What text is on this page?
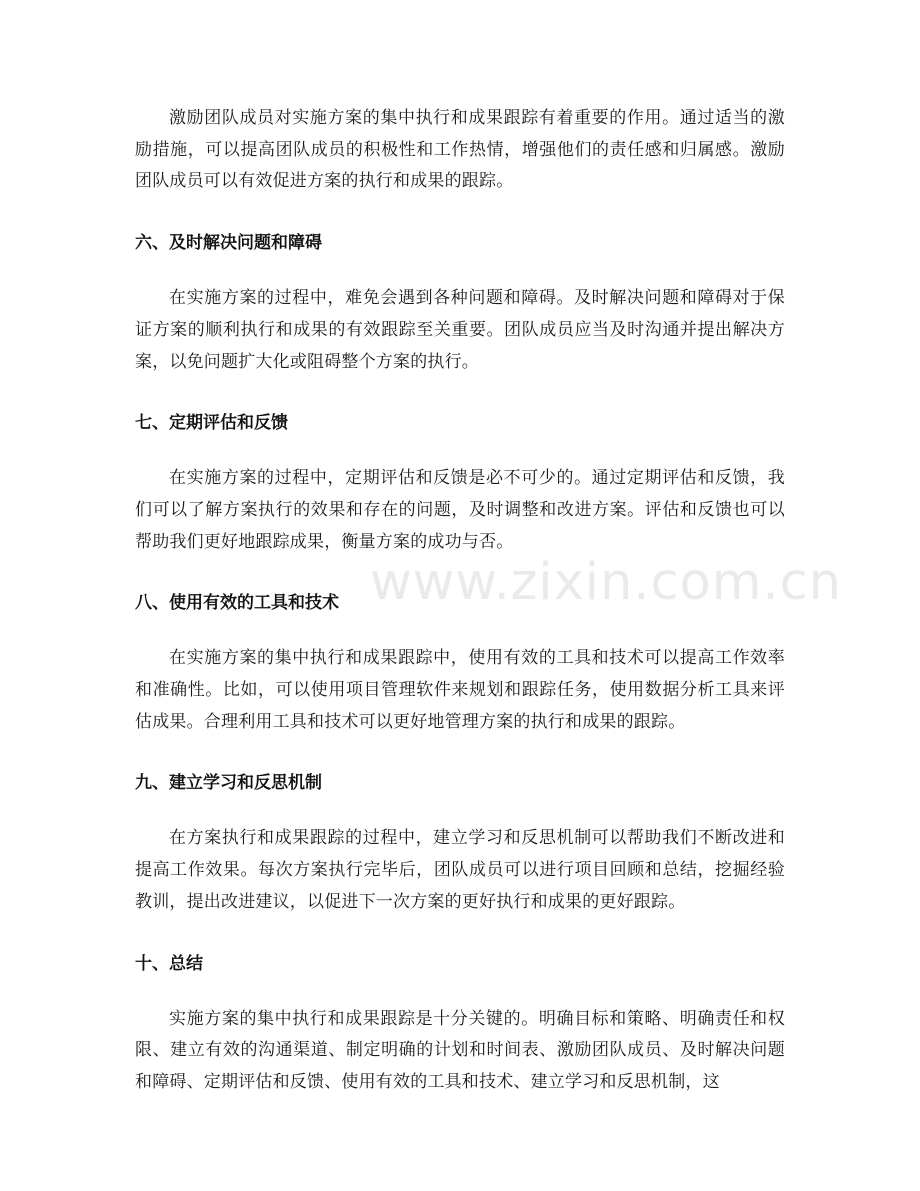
激励团队成员对实施方案的集中执行和成果跟踪有着重要的作用。通过适当的激励措施，可以提高团队成员的积极性和工作热情，增强他们的责任感和归属感。激励团队成员可以有效促进方案的执行和成果的跟踪。

六、及时解决问题和障碍

在实施方案的过程中，难免会遇到各种问题和障碍。及时解决问题和障碍对于保证方案的顺利执行和成果的有效跟踪至关重要。团队成员应当及时沟通并提出解决方案，以免问题扩大化或阻碍整个方案的执行。

七、定期评估和反馈

在实施方案的过程中，定期评估和反馈是必不可少的。通过定期评估和反馈，我们可以了解方案执行的效果和存在的问题，及时调整和改进方案。评估和反馈也可以帮助我们更好地跟踪成果，衡量方案的成功与否。

八、使用有效的工具和技术

在实施方案的集中执行和成果跟踪中，使用有效的工具和技术可以提高工作效率和准确性。比如，可以使用项目管理软件来规划和跟踪任务，使用数据分析工具来评估成果。合理利用工具和技术可以更好地管理方案的执行和成果的跟踪。

九、建立学习和反思机制

在方案执行和成果跟踪的过程中，建立学习和反思机制可以帮助我们不断改进和提高工作效果。每次方案执行完毕后，团队成员可以进行项目回顾和总结，挖掘经验教训，提出改进建议，以促进下一次方案的更好执行和成果的更好跟踪。

十、总结

实施方案的集中执行和成果跟踪是十分关键的。明确目标和策略、明确责任和权限、建立有效的沟通渠道、制定明确的计划和时间表、激励团队成员、及时解决问题和障碍、定期评估和反馈、使用有效的工具和技术、建立学习和反思机制，这

www.zixin.com.cn
